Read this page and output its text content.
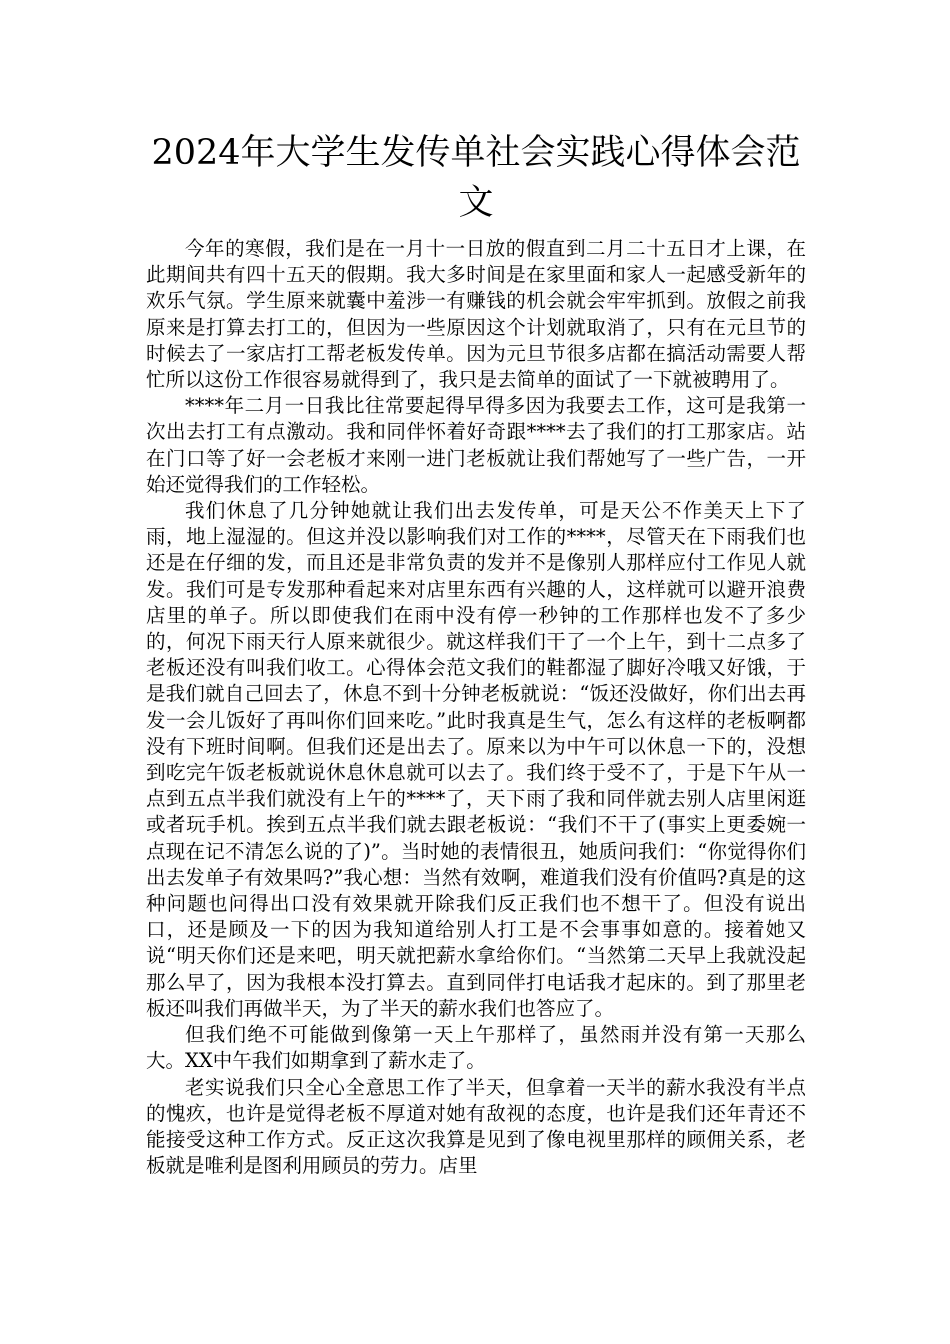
2024年大学生发传单社会实践心得体会范文

今年的寒假，我们是在一月十一日放的假直到二月二十五日才上课，在此期间共有四十五天的假期。我大多时间是在家里面和家人一起感受新年的欢乐气氛。学生原来就囊中羞涉一有赚钱的机会就会牢牢抓到。放假之前我原来是打算去打工的，但因为一些原因这个计划就取消了，只有在元旦节的时候去了一家店打工帮老板发传单。因为元旦节很多店都在搞活动需要人帮忙所以这份工作很容易就得到了，我只是去简单的面试了一下就被聘用了。

****年二月一日我比往常要起得早得多因为我要去工作，这可是我第一次出去打工有点激动。我和同伴怀着好奇跟****去了我们的打工那家店。站在门口等了好一会老板才来刚一进门老板就让我们帮她写了一些广告，一开始还觉得我们的工作轻松。

我们休息了几分钟她就让我们出去发传单，可是天公不作美天上下了雨，地上湿湿的。但这并没以影响我们对工作的****，尽管天在下雨我们也还是在仔细的发，而且还是非常负责的发并不是像别人那样应付工作见人就发。我们可是专发那种看起来对店里东西有兴趣的人，这样就可以避开浪费店里的单子。所以即使我们在雨中没有停一秒钟的工作那样也发不了多少的，何况下雨天行人原来就很少。就这样我们干了一个上午，到十二点多了老板还没有叫我们收工。心得体会范文我们的鞋都湿了脚好冷哦又好饿，于是我们就自己回去了，休息不到十分钟老板就说：“饭还没做好，你们出去再发一会儿饭好了再叫你们回来吃。”此时我真是生气，怎么有这样的老板啊都没有下班时间啊。但我们还是出去了。原来以为中午可以休息一下的，没想到吃完午饭老板就说休息休息就可以去了。我们终于受不了，于是下午从一点到五点半我们就没有上午的****了，天下雨了我和同伴就去别人店里闲逛或者玩手机。挨到五点半我们就去跟老板说：“我们不干了(事实上更委婉一点现在记不清怎么说的了)”。当时她的表情很丑，她质问我们：“你觉得你们出去发单子有效果吗?”我心想：当然有效啊，难道我们没有价值吗?真是的这种问题也问得出口没有效果就开除我们反正我们也不想干了。但没有说出口，还是顾及一下的因为我知道给别人打工是不会事事如意的。接着她又说“明天你们还是来吧，明天就把薪水拿给你们。“当然第二天早上我就没起那么早了，因为我根本没打算去。直到同伴打电话我才起床的。到了那里老板还叫我们再做半天，为了半天的薪水我们也答应了。

但我们绝不可能做到像第一天上午那样了，虽然雨并没有第一天那么大。XX中午我们如期拿到了薪水走了。

老实说我们只全心全意思工作了半天，但拿着一天半的薪水我没有半点的愧疚，也许是觉得老板不厚道对她有敌视的态度，也许是我们还年青还不能接受这种工作方式。反正这次我算是见到了像电视里那样的顾佣关系，老板就是唯利是图利用顾员的劳力。店里
